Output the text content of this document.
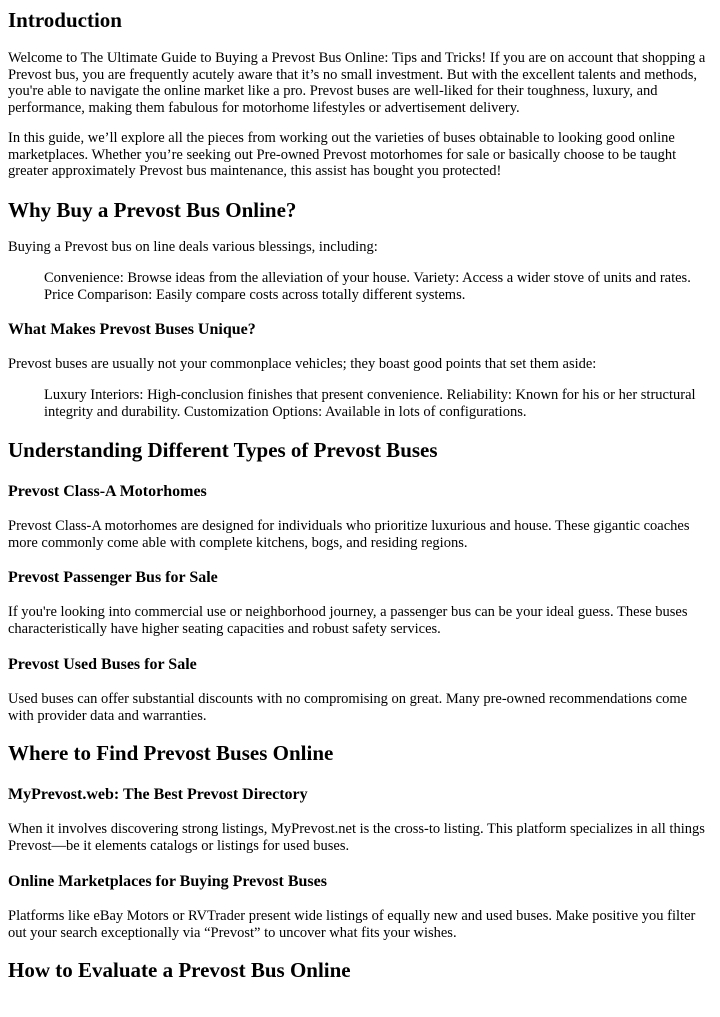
Introduction

Welcome to The Ultimate Guide to Buying a Prevost Bus Online: Tips and Tricks! If you are on account that shopping a Prevost bus, you are frequently acutely aware that it’s no small investment. But with the excellent talents and methods, you're able to navigate the online market like a pro. Prevost buses are well-liked for their toughness, luxury, and performance, making them fabulous for motorhome lifestyles or advertisement delivery.

In this guide, we’ll explore all the pieces from working out the varieties of buses obtainable to looking good online marketplaces. Whether you’re seeking out Pre-owned Prevost motorhomes for sale or basically choose to be taught greater approximately Prevost bus maintenance, this assist has bought you protected!

Why Buy a Prevost Bus Online?

Buying a Prevost bus on line deals various blessings, including:

Convenience: Browse ideas from the alleviation of your house. Variety: Access a wider stove of units and rates. Price Comparison: Easily compare costs across totally different systems.
What Makes Prevost Buses Unique?

Prevost buses are usually not your commonplace vehicles; they boast good points that set them aside:

Luxury Interiors: High-conclusion finishes that present convenience. Reliability: Known for his or her structural integrity and durability. Customization Options: Available in lots of configurations.
Understanding Different Types of Prevost Buses
Prevost Class-A Motorhomes

Prevost Class-A motorhomes are designed for individuals who prioritize luxurious and house. These gigantic coaches more commonly come able with complete kitchens, bogs, and residing regions.

Prevost Passenger Bus for Sale

If you're looking into commercial use or neighborhood journey, a passenger bus can be your ideal guess. These buses characteristically have higher seating capacities and robust safety services.

Prevost Used Buses for Sale

Used buses can offer substantial discounts with no compromising on great. Many pre-owned recommendations come with provider data and warranties.

Where to Find Prevost Buses Online
MyPrevost.web: The Best Prevost Directory

When it involves discovering strong listings, MyPrevost.net is the cross-to listing. This platform specializes in all things Prevost—be it elements catalogs or listings for used buses.

Online Marketplaces for Buying Prevost Buses

Platforms like eBay Motors or RVTrader present wide listings of equally new and used buses. Make positive you filter out your search exceptionally via “Prevost” to uncover what fits your wishes.

How to Evaluate a Prevost Bus Online
